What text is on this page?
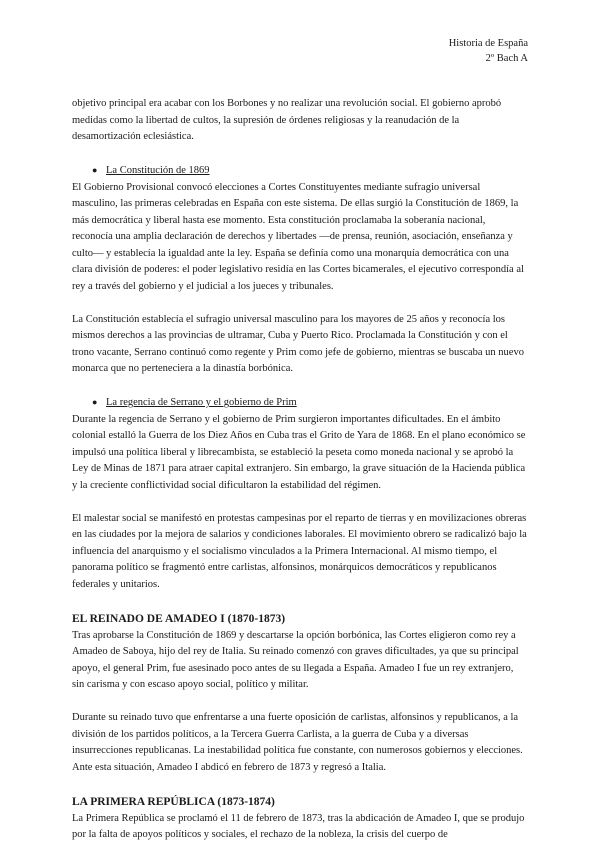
Historia de España
2º Bach A

objetivo principal era acabar con los Borbones y no realizar una revolución social. El gobierno aprobó medidas como la libertad de cultos, la supresión de órdenes religiosas y la reanudación de la desamortización eclesiástica.

● La Constitución de 1869

El Gobierno Provisional convocó elecciones a Cortes Constituyentes mediante sufragio universal masculino, las primeras celebradas en España con este sistema. De ellas surgió la Constitución de 1869, la más democrática y liberal hasta ese momento. Esta constitución proclamaba la soberanía nacional, reconocía una amplia declaración de derechos y libertades —de prensa, reunión, asociación, enseñanza y culto— y establecía la igualdad ante la ley. España se definía como una monarquía democrática con una clara división de poderes: el poder legislativo residía en las Cortes bicamerales, el ejecutivo correspondía al rey a través del gobierno y el judicial a los jueces y tribunales.

La Constitución establecía el sufragio universal masculino para los mayores de 25 años y reconocía los mismos derechos a las provincias de ultramar, Cuba y Puerto Rico. Proclamada la Constitución y con el trono vacante, Serrano continuó como regente y Prim como jefe de gobierno, mientras se buscaba un nuevo monarca que no perteneciera a la dinastía borbónica.

● La regencia de Serrano y el gobierno de Prim

Durante la regencia de Serrano y el gobierno de Prim surgieron importantes dificultades. En el ámbito colonial estalló la Guerra de los Diez Años en Cuba tras el Grito de Yara de 1868. En el plano económico se impulsó una política liberal y librecambista, se estableció la peseta como moneda nacional y se aprobó la Ley de Minas de 1871 para atraer capital extranjero. Sin embargo, la grave situación de la Hacienda pública y la creciente conflictividad social dificultaron la estabilidad del régimen.

El malestar social se manifestó en protestas campesinas por el reparto de tierras y en movilizaciones obreras en las ciudades por la mejora de salarios y condiciones laborales. El movimiento obrero se radicalizó bajo la influencia del anarquismo y el socialismo vinculados a la Primera Internacional. Al mismo tiempo, el panorama político se fragmentó entre carlistas, alfonsinos, monárquicos democráticos y republicanos federales y unitarios.

EL REINADO DE AMADEO I (1870-1873)

Tras aprobarse la Constitución de 1869 y descartarse la opción borbónica, las Cortes eligieron como rey a Amadeo de Saboya, hijo del rey de Italia. Su reinado comenzó con graves dificultades, ya que su principal apoyo, el general Prim, fue asesinado poco antes de su llegada a España. Amadeo I fue un rey extranjero, sin carisma y con escaso apoyo social, político y militar.

Durante su reinado tuvo que enfrentarse a una fuerte oposición de carlistas, alfonsinos y republicanos, a la división de los partidos políticos, a la Tercera Guerra Carlista, a la guerra de Cuba y a diversas insurrecciones republicanas. La inestabilidad política fue constante, con numerosos gobiernos y elecciones. Ante esta situación, Amadeo I abdicó en febrero de 1873 y regresó a Italia.

LA PRIMERA REPÚBLICA (1873-1874)

La Primera República se proclamó el 11 de febrero de 1873, tras la abdicación de Amadeo I, que se produjo por la falta de apoyos políticos y sociales, el rechazo de la nobleza, la crisis del cuerpo de
